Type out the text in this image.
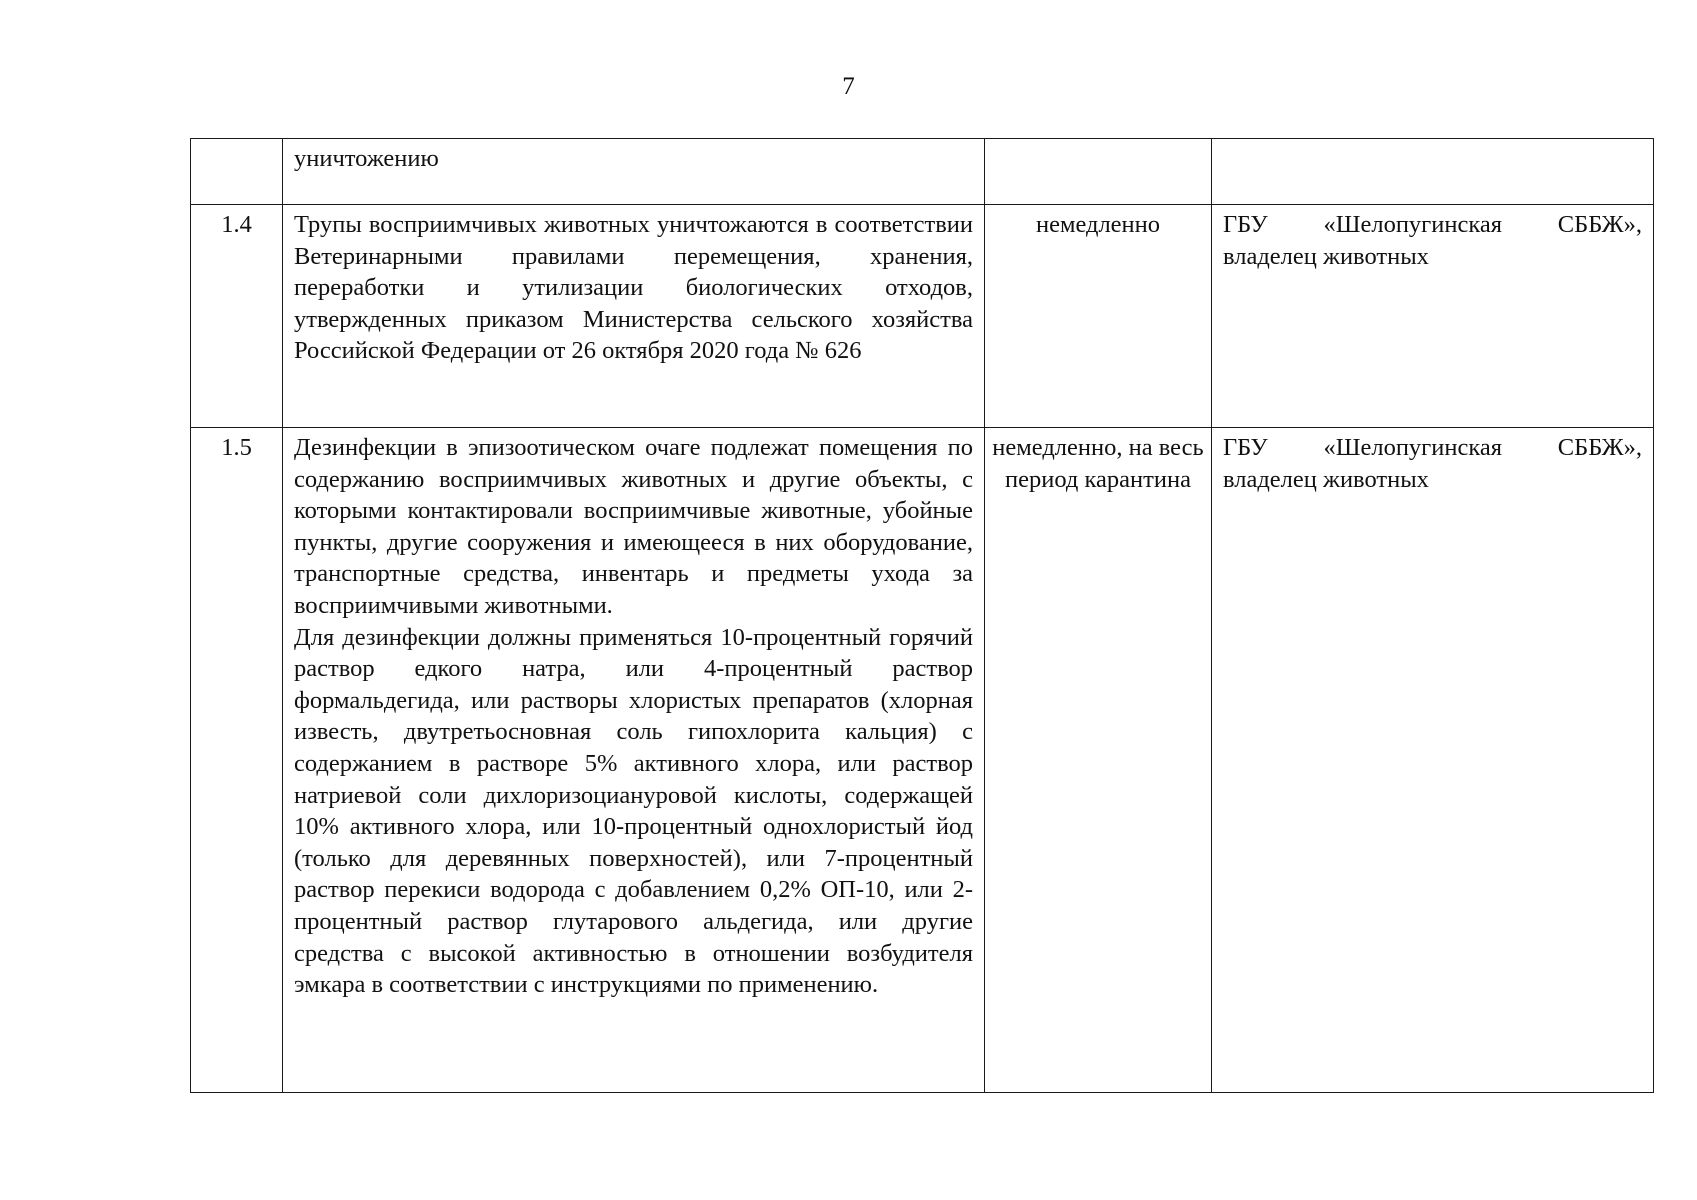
7
	уничтожению		
1.4	Трупы восприимчивых животных уничтожаются в соответствии Ветеринарными правилами перемещения, хранения, переработки и утилизации биологических отходов, утвержденных приказом Министерства сельского хозяйства Российской Федерации от 26 октября 2020 года № 626	немедленно	ГБУ «Шелопугинская СББЖ»,
владелец животных

1.5	Дезинфекции в эпизоотическом очаге подлежат помещения по содержанию восприимчивых животных и другие объекты, с которыми контактировали восприимчивые животные, убойные пункты, другие сооружения и имеющееся в них оборудование, транспортные средства, инвентарь и предметы ухода за восприимчивыми животными.
Для дезинфекции должны применяться 10-процентный горячий раствор едкого натра, или 4-процентный раствор формальдегида, или растворы хлористых препаратов (хлорная известь, двутретьосновная соль гипохлорита кальция) с содержанием в растворе 5% активного хлора, или раствор натриевой соли дихлоризоциануровой кислоты, содержащей 10% активного хлора, или 10-процентный однохлористый йод (только для деревянных поверхностей), или 7-процентный раствор перекиси водорода с добавлением 0,2% ОП-10, или 2-процентный раствор глутарового альдегида, или другие средства с высокой активностью в отношении возбудителя эмкара в соответствии с инструкциями по применению.	немедленно, на весь период карантина	ГБУ «Шелопугинская СББЖ»,
владелец животных
